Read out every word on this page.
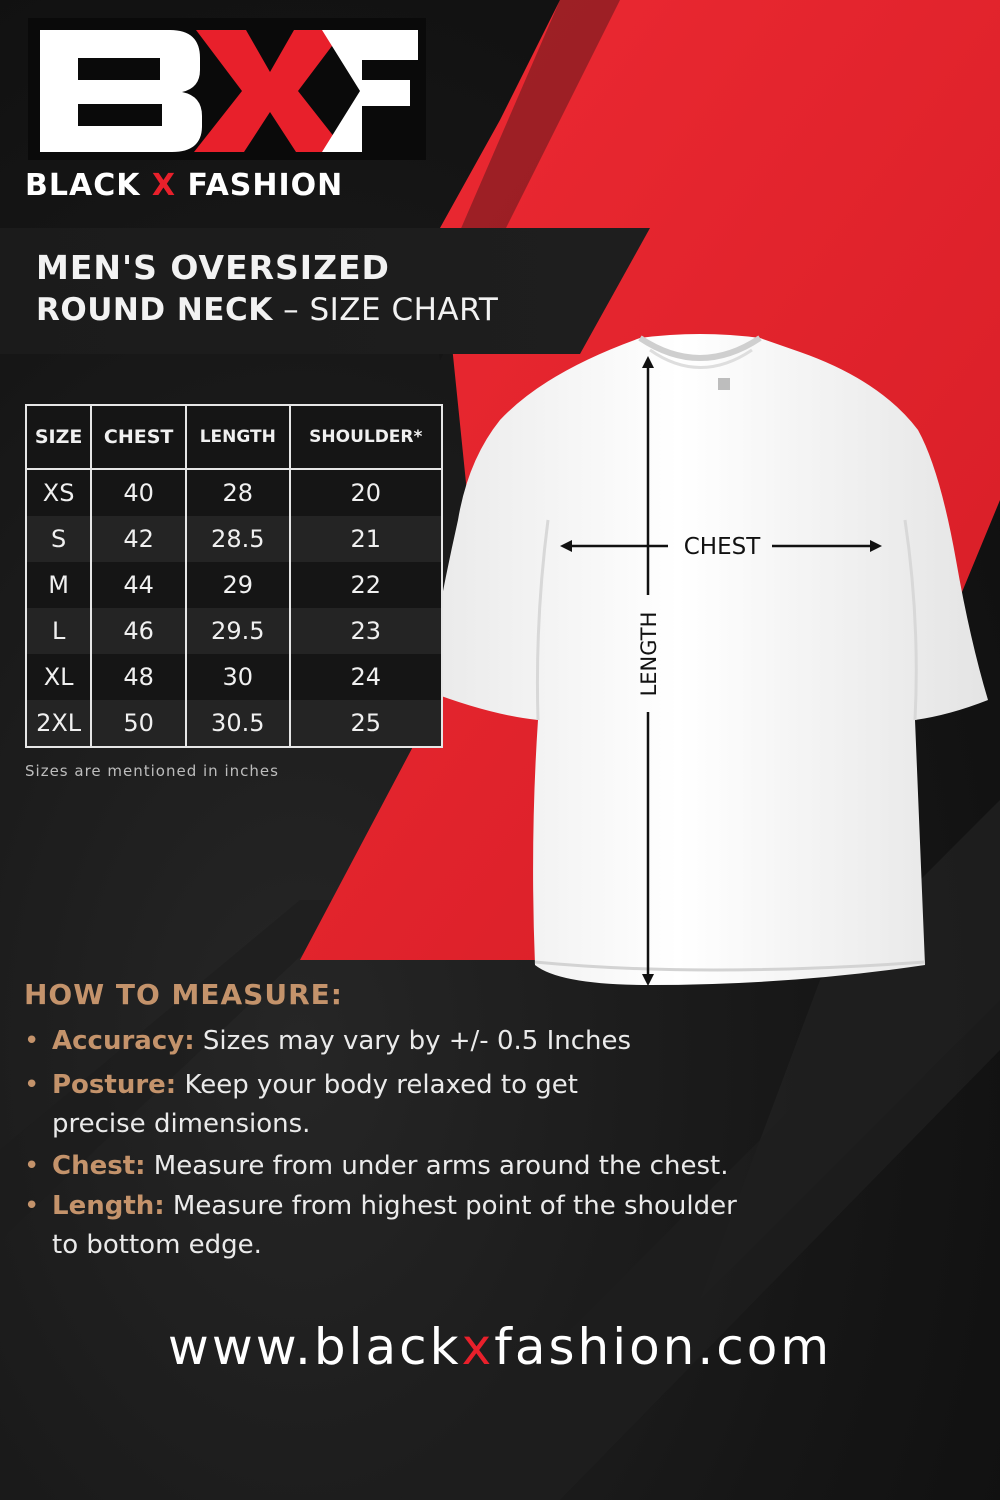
CHEST
LENGTH
BLACK X FASHION
MEN'S OVERSIZED
ROUND NECK – SIZE CHART
SIZE	CHEST	LENGTH	SHOULDER*
XS	40	28	20
S	42	28.5	21
M	44	29	22
L	46	29.5	23
XL	48	30	24
2XL	50	30.5	25
Sizes are mentioned in inches
HOW TO MEASURE:
• Accuracy: Sizes may vary by +/- 0.5 Inches
• Posture: Keep your body relaxed to get
precise dimensions.
• Chest: Measure from under arms around the chest.
• Length: Measure from highest point of the shoulder
to bottom edge.
www.blackxfashion.com
